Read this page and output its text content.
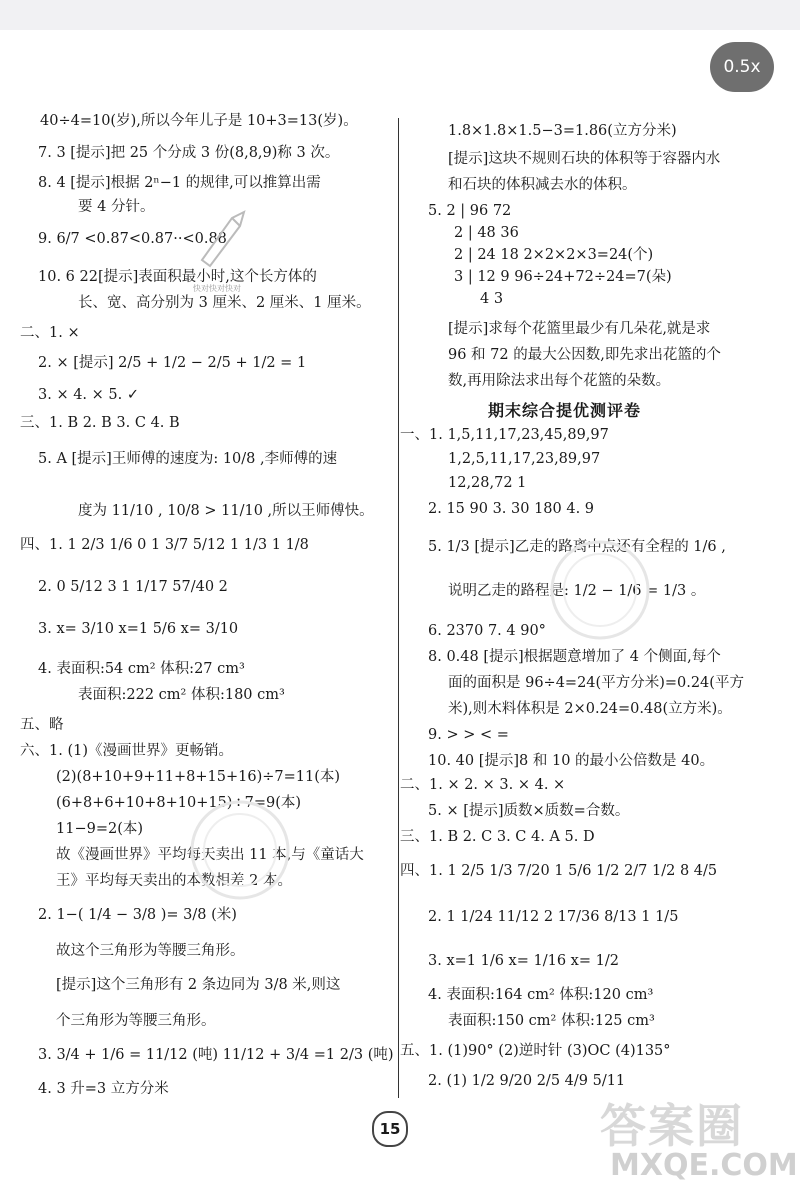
0.5x
40÷4=10(岁),所以今年儿子是 10+3=13(岁)。
7. 3 [提示]把 25 个分成 3 份(8,8,9)称 3 次。
8. 4 [提示]根据 2ⁿ−1 的规律,可以推算出需
要 4 分针。
9. 6/7 <0.87<0.87··<0.88
10. 6 22[提示]表面积最小时,这个长方体的
长、宽、高分别为 3 厘米、2 厘米、1 厘米。
二、1. ×
2. × [提示] 2/5 + 1/2 − 2/5 + 1/2 = 1
3. × 4. × 5. ✓
三、1. B 2. B 3. C 4. B
5. A [提示]王师傅的速度为: 10/8 ,李师傅的速
度为 11/10 , 10/8 > 11/10 ,所以王师傅快。
四、1. 1 2/3 1/6 0 1 3/7 5/12 1 1/3 1 1/8
2. 0 5/12 3 1 1/17 57/40 2
3. x= 3/10 x=1 5/6 x= 3/10
4. 表面积:54 cm² 体积:27 cm³
表面积:222 cm² 体积:180 cm³
五、略
六、1. (1)《漫画世界》更畅销。
(2)(8+10+9+11+8+15+16)÷7=11(本)
(6+8+6+10+8+10+15)÷7=9(本)
11−9=2(本)
故《漫画世界》平均每天卖出 11 本,与《童话大
王》平均每天卖出的本数相差 2 本。
2. 1−( 1/4 − 3/8 )= 3/8 (米)
故这个三角形为等腰三角形。
[提示]这个三角形有 2 条边同为 3/8 米,则这
个三角形为等腰三角形。
3. 3/4 + 1/6 = 11/12 (吨) 11/12 + 3/4 =1 2/3 (吨)
4. 3 升=3 立方分米
快对快对快对
1.8×1.8×1.5−3=1.86(立方分米)
[提示]这块不规则石块的体积等于容器内水
和石块的体积减去水的体积。
5. 2 | 96 72
2 | 48 36
2 | 24 18 2×2×2×3=24(个)
3 | 12 9 96÷24+72÷24=7(朵)
4 3
[提示]求每个花篮里最少有几朵花,就是求
96 和 72 的最大公因数,即先求出花篮的个
数,再用除法求出每个花篮的朵数。
期末综合提优测评卷
一、1. 1,5,11,17,23,45,89,97
1,2,5,11,17,23,89,97
12,28,72 1
2. 15 90 3. 30 180 4. 9
5. 1/3 [提示]乙走的路离中点还有全程的 1/6 ,
说明乙走的路程是: 1/2 − 1/6 = 1/3 。
6. 2370 7. 4 90°
8. 0.48 [提示]根据题意增加了 4 个侧面,每个
面的面积是 96÷4=24(平方分米)=0.24(平方
米),则木料体积是 2×0.24=0.48(立方米)。
9. > > < =
10. 40 [提示]8 和 10 的最小公倍数是 40。
二、1. × 2. × 3. × 4. ×
5. × [提示]质数×质数=合数。
三、1. B 2. C 3. C 4. A 5. D
四、1. 1 2/5 1/3 7/20 1 5/6 1/2 2/7 1/2 8 4/5
2. 1 1/24 11/12 2 17/36 8/13 1 1/5
3. x=1 1/6 x= 1/16 x= 1/2
4. 表面积:164 cm² 体积:120 cm³
表面积:150 cm² 体积:125 cm³
五、1. (1)90° (2)逆时针 (3)OC (4)135°
2. (1) 1/2 9/20 2/5 4/9 5/11
15	答案圈
MXQE.COM
